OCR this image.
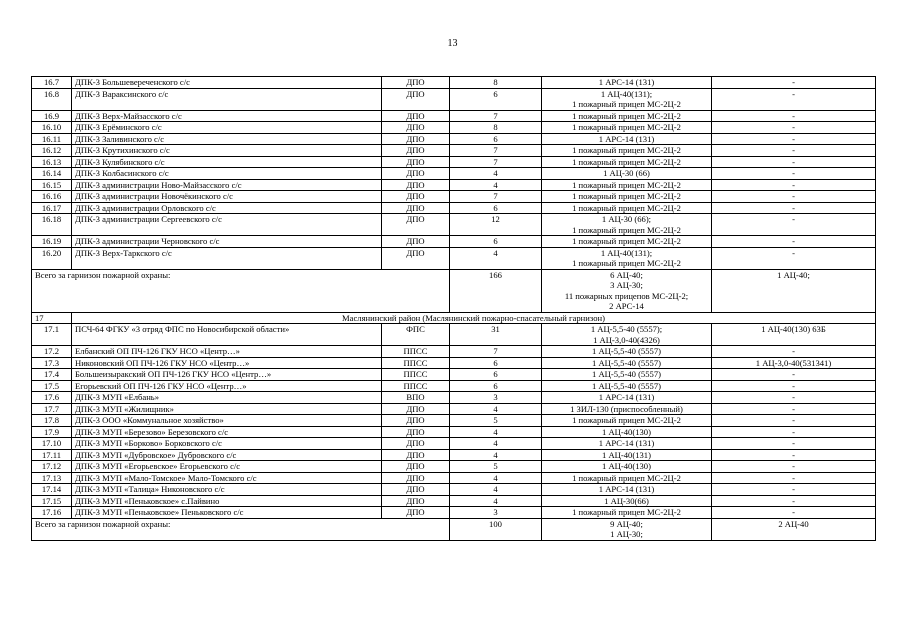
13
16.7	ДПК-3 Большевереченского с/с	ДПО	8	1 АРС-14 (131)	-

16.8	ДПК-3 Вараксинского с/с	ДПО	6	1 АЦ-40(131);
1 пожарный прицеп МС-2Ц-2	-

16.9	ДПК-3 Верх-Майзасского с/с	ДПО	7	1 пожарный прицеп МС-2Ц-2	-

16.10	ДПК-3 Ерёминского с/с	ДПО	8	1 пожарный прицеп МС-2Ц-2	-

16.11	ДПК-3 Заливинского с/с	ДПО	6	1 АРС-14 (131)	-

16.12	ДПК-3 Крутихинского с/с	ДПО	7	1 пожарный прицеп МС-2Ц-2	-

16.13	ДПК-3 Кулябинского с/с	ДПО	7	1 пожарный прицеп МС-2Ц-2	-

16.14	ДПК-3 Колбасинского с/с	ДПО	4	1 АЦ-30 (66)	-

16.15	ДПК-3 администрации Ново-Майзасского с/с	ДПО	4	1 пожарный прицеп МС-2Ц-2	-

16.16	ДПК-3 администрации Новочёкинского с/с	ДПО	7	1 пожарный прицеп МС-2Ц-2	-

16.17	ДПК-3 администрации Орловского с/с	ДПО	6	1 пожарный прицеп МС-2Ц-2	-

16.18	ДПК-3 администрации Сергеевского с/с	ДПО	12	1 АЦ-30 (66);
1 пожарный прицеп МС-2Ц-2	-

16.19	ДПК-3 администрации Черновского с/с	ДПО	6	1 пожарный прицеп МС-2Ц-2	-

16.20	ДПК-3 Верх-Таркского с/с	ДПО	4	1 АЦ-40(131);
1 пожарный прицеп МС-2Ц-2	-

Всего за гарнизон пожарной охраны:			166	6 АЦ-40;
3 АЦ-30;
11 пожарных прицепов МС-2Ц-2;
2 АРС-14	1 АЦ-40;

17	Маслянинский район (Маслянинский пожарно-спасательный гарнизон)				
17.1	ПСЧ-64 ФГКУ «3 отряд ФПС по Новосибирской области»	ФПС	31	1 АЦ-5,5-40 (5557);
1 АЦ-3,0-40(4326)	1 АЦ-40(130) 63Б

17.2	Елбанский ОП ПЧ-126 ГКУ НСО «Центр…»	ППСС	7	1 АЦ-5,5-40 (5557)	-

17.3	Никоновский ОП ПЧ-126 ГКУ НСО «Центр…»	ППСС	6	1 АЦ-5,5-40 (5557)	1 АЦ-3,0-40(531341)

17.4	Большеизыракский ОП ПЧ-126 ГКУ НСО «Центр…»	ППСС	6	1 АЦ-5,5-40 (5557)	-

17.5	Егорьевский ОП ПЧ-126 ГКУ НСО «Центр…»	ППСС	6	1 АЦ-5,5-40 (5557)	-

17.6	ДПК-3 МУП «Елбань»	ВПО	3	1 АРС-14 (131)	-

17.7	ДПК-3 МУП «Жилищник»	ДПО	4	1 ЗИЛ-130 (приспособленный)	-

17.8	ДПК-3 ООО «Коммунальное хозяйство»	ДПО	5	1 пожарный прицеп МС-2Ц-2	-

17.9	ДПК-3 МУП «Березово» Березовского с/с	ДПО	4	1 АЦ-40(130)	-

17.10	ДПК-3 МУП «Борково» Борковского с/с	ДПО	4	1 АРС-14 (131)	-

17.11	ДПК-3 МУП «Дубровское» Дубровского с/с	ДПО	4	1 АЦ-40(131)	-

17.12	ДПК-3 МУП «Егорьевское» Егорьевского с/с	ДПО	5	1 АЦ-40(130)	-

17.13	ДПК-3 МУП «Мало-Томское» Мало-Томского с/с	ДПО	4	1 пожарный прицеп МС-2Ц-2	-

17.14	ДПК-3 МУП «Талица» Никоновского с/с	ДПО	4	1 АРС-14 (131)	-

17.15	ДПК-3 МУП «Пеньковское» с.Пайвино	ДПО	4	1 АЦ-30(66)	-

17.16	ДПК-3 МУП «Пеньковское» Пеньковского с/с	ДПО	3	1 пожарный прицеп МС-2Ц-2	-

Всего за гарнизон пожарной охраны:			100	9 АЦ-40;
1 АЦ-30;	2 АЦ-40
